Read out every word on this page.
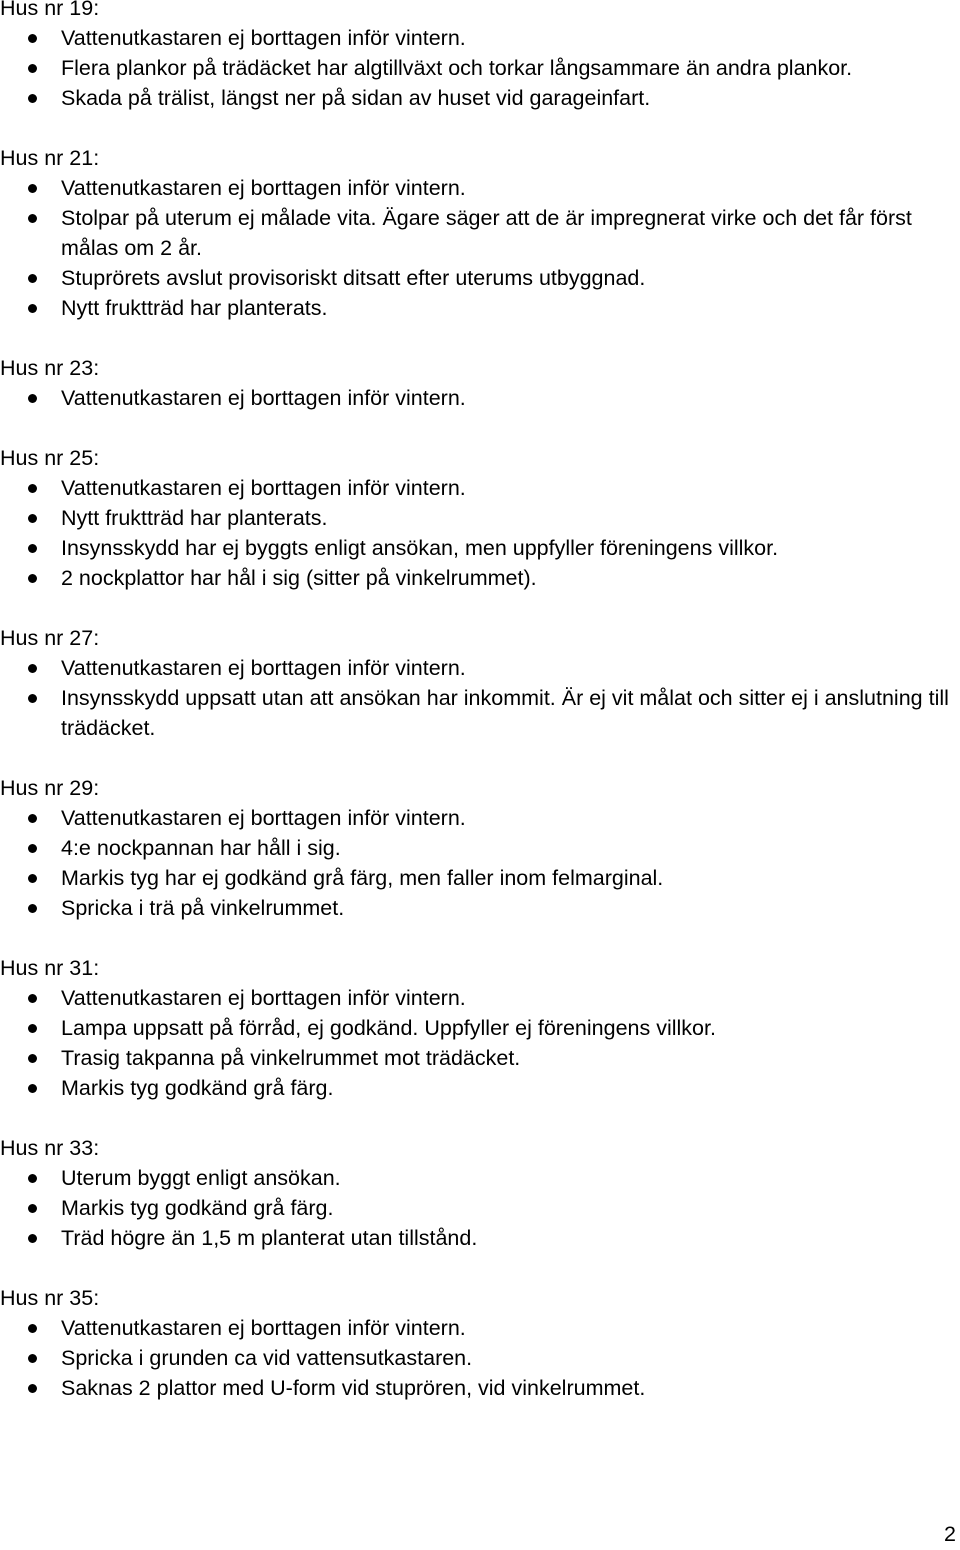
Hus nr 19:
Vattenutkastaren ej borttagen inför vintern.
Flera plankor på trädäcket har algtillväxt och torkar långsammare än andra plankor.
Skada på trälist, längst ner på sidan av huset vid garageinfart.
Hus nr 21:
Vattenutkastaren ej borttagen inför vintern.
Stolpar på uterum ej målade vita. Ägare säger att de är impregnerat virke och det får först målas om 2 år.
Stuprörets avslut provisoriskt ditsatt efter uterums utbyggnad.
Nytt fruktträd har planterats.
Hus nr 23:
Vattenutkastaren ej borttagen inför vintern.
Hus nr 25:
Vattenutkastaren ej borttagen inför vintern.
Nytt fruktträd har planterats.
Insynsskydd har ej byggts enligt ansökan, men uppfyller föreningens villkor.
2 nockplattor har hål i sig (sitter på vinkelrummet).
Hus nr 27:
Vattenutkastaren ej borttagen inför vintern.
Insynsskydd uppsatt utan att ansökan har inkommit. Är ej vit målat och sitter ej i anslutning till trädäcket.
Hus nr 29:
Vattenutkastaren ej borttagen inför vintern.
4:e nockpannan har håll i sig.
Markis tyg har ej godkänd grå färg, men faller inom felmarginal.
Spricka i trä på vinkelrummet.
Hus nr 31:
Vattenutkastaren ej borttagen inför vintern.
Lampa uppsatt på förråd, ej godkänd. Uppfyller ej föreningens villkor.
Trasig takpanna på vinkelrummet mot trädäcket.
Markis tyg godkänd grå färg.
Hus nr 33:
Uterum byggt enligt ansökan.
Markis tyg godkänd grå färg.
Träd högre än 1,5 m planterat utan tillstånd.
Hus nr 35:
Vattenutkastaren ej borttagen inför vintern.
Spricka i grunden ca vid vattensutkastaren.
Saknas 2 plattor med U-form vid stuprören, vid vinkelrummet.
2
